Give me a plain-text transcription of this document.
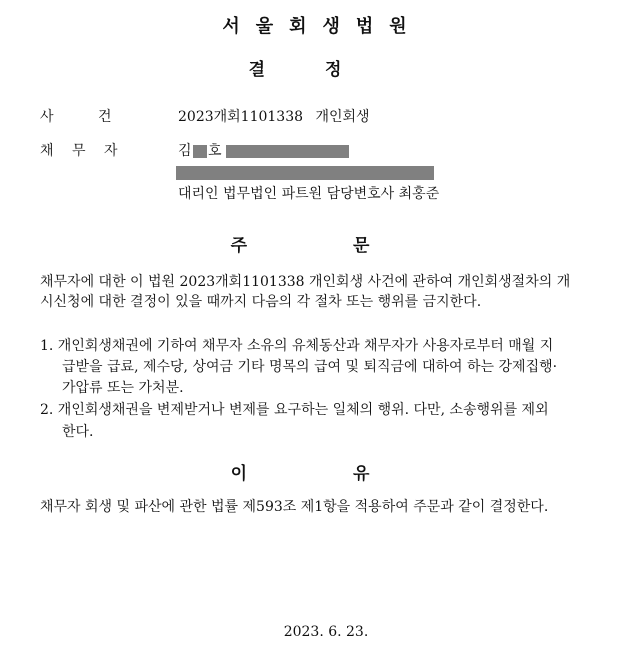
서울회생법원
결정
사 건	2023개회1101338 개인회생
채 무 자	김 호
대리인 법무법인 파트원 담당변호사 최홍준
주 문
채무자에 대한 이 법원 2023개회1101338 개인회생 사건에 관하여 개인회생절차의 개
시신청에 대한 결정이 있을 때까지 다음의 각 절차 또는 행위를 금지한다.
1. 개인회생채권에 기하여 채무자 소유의 유체동산과 채무자가 사용자로부터 매월 지
급받을 급료, 제수당, 상여금 기타 명목의 급여 및 퇴직금에 대하여 하는 강제집행·
가압류 또는 가처분.
2. 개인회생채권을 변제받거나 변제를 요구하는 일체의 행위. 다만, 소송행위를 제외
한다.
이 유
채무자 회생 및 파산에 관한 법률 제593조 제1항을 적용하여 주문과 같이 결정한다.
2023. 6. 23.
